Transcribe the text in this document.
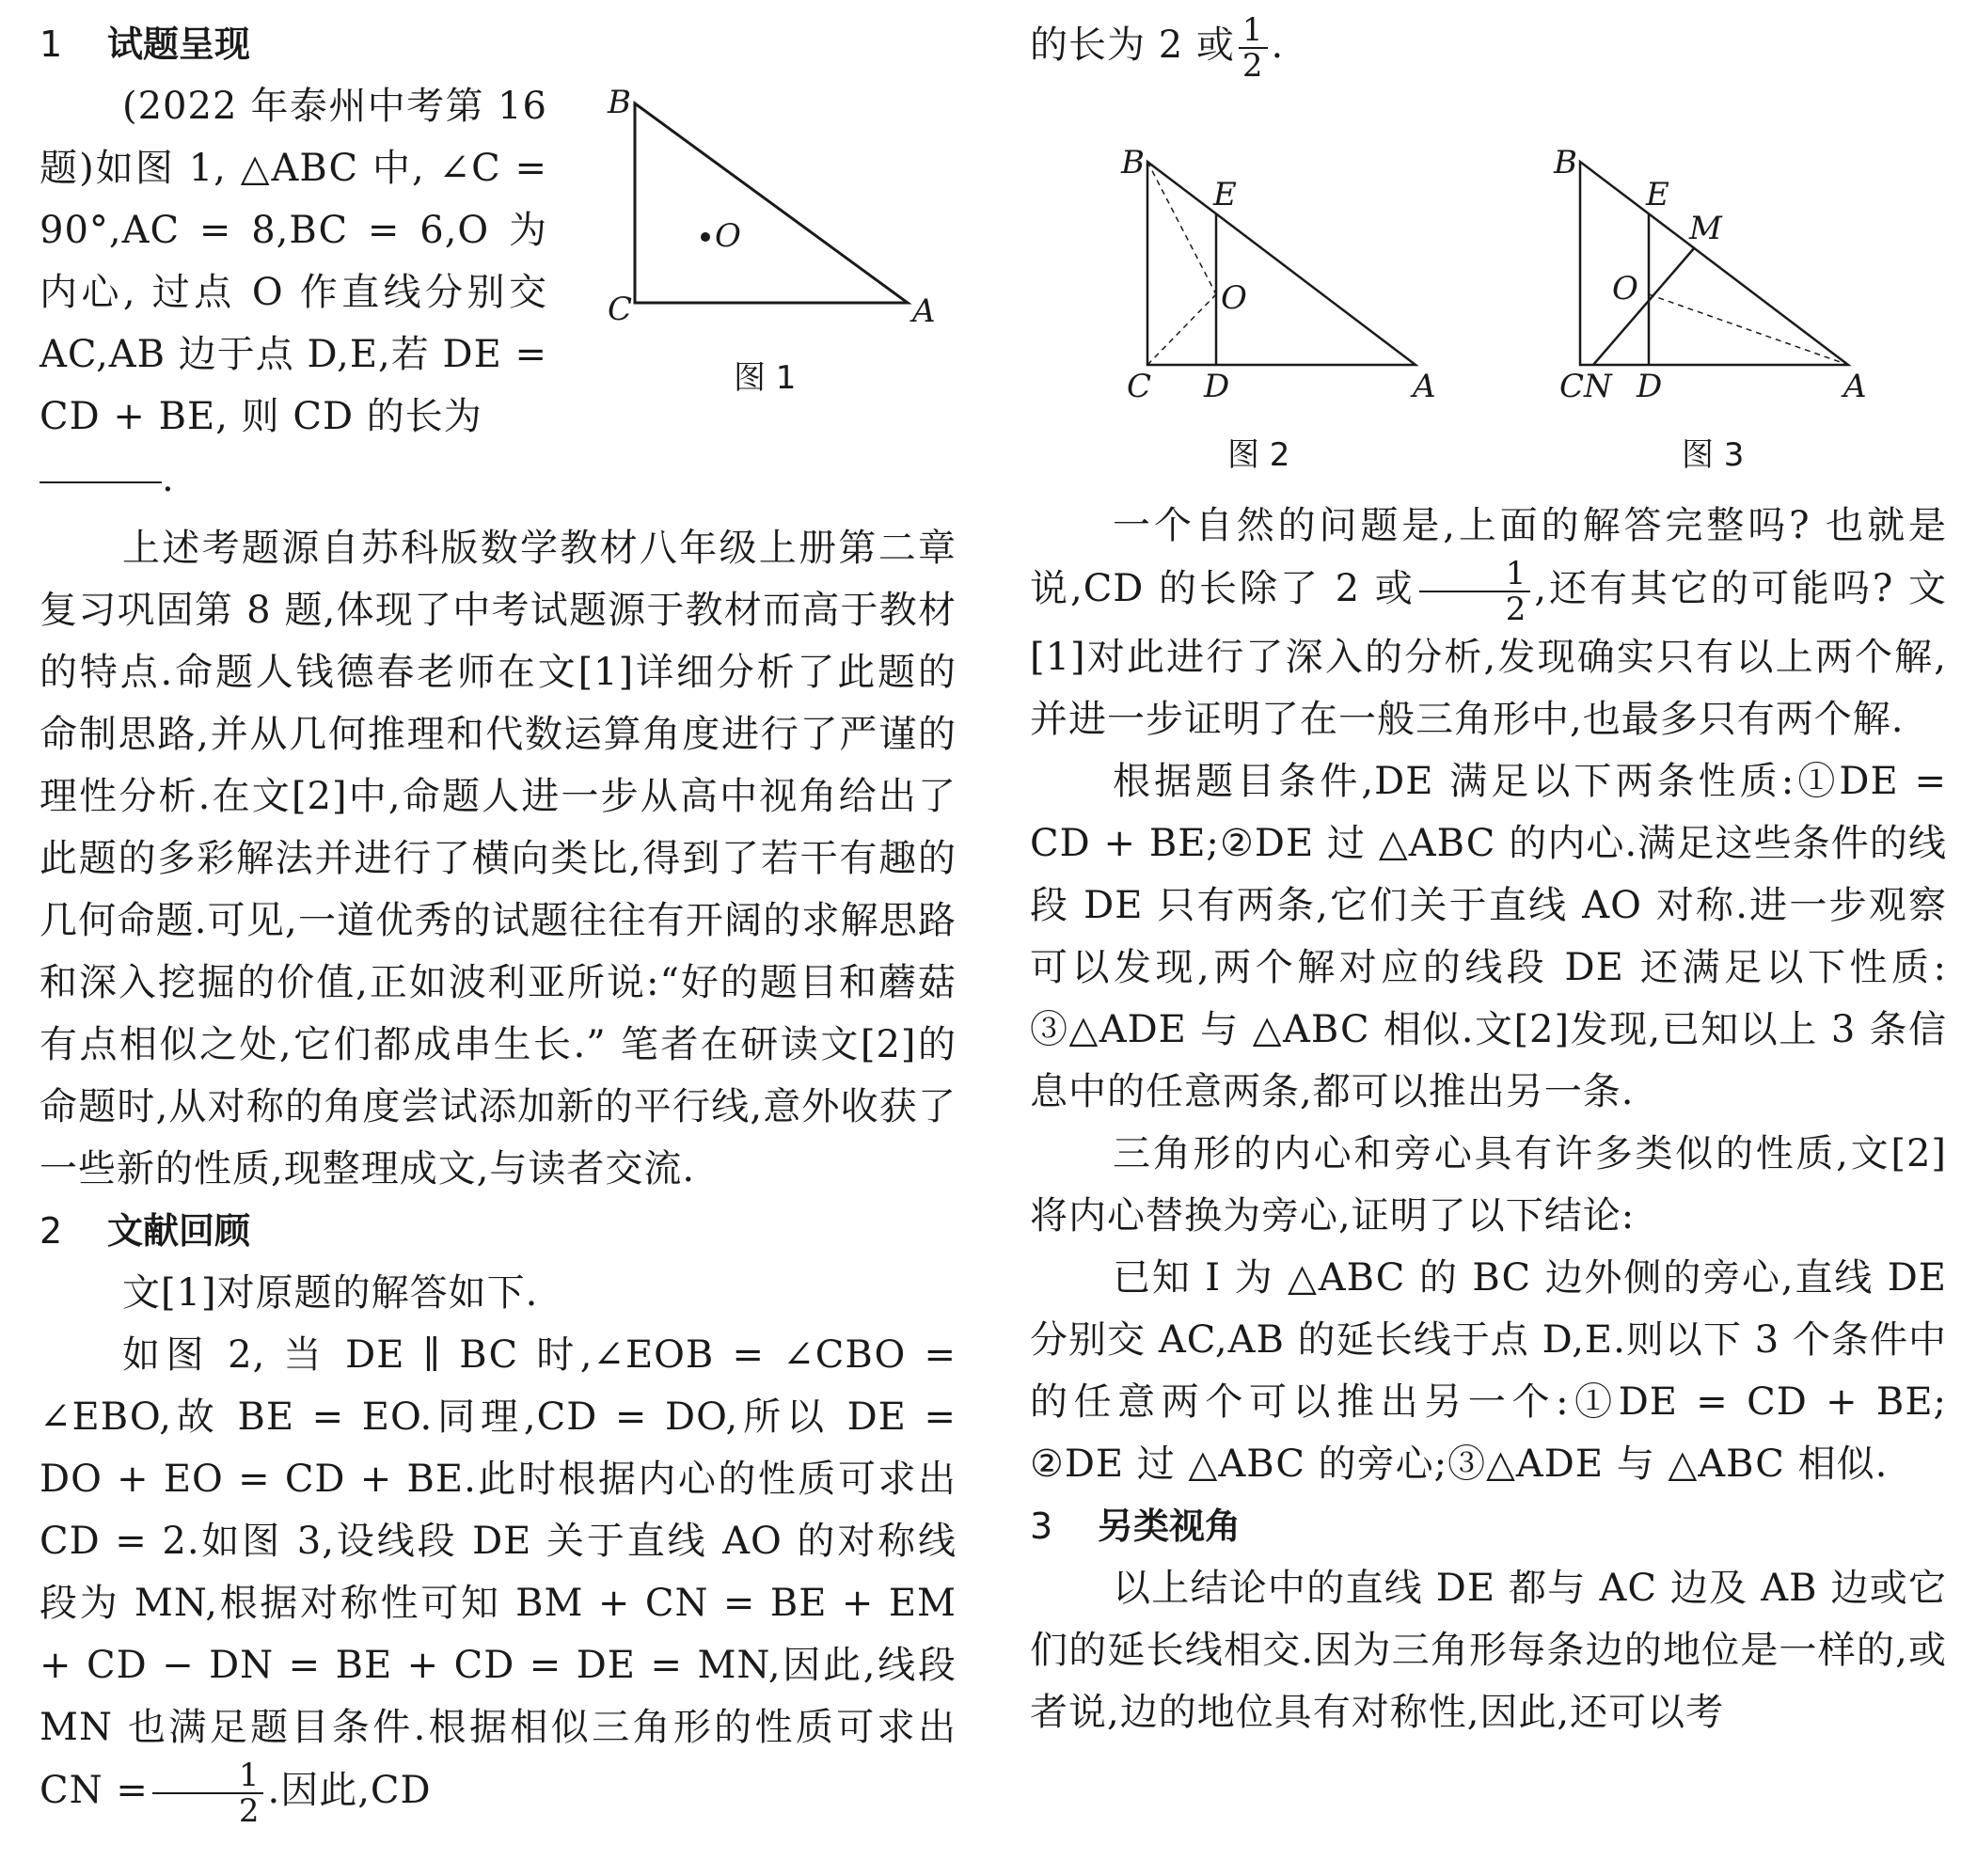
1	试题呈现

(2022 年泰州中考第 16 题)如图 1, △ABC 中, ∠C = 90°,AC = 8,BC = 6,O 为内心, 过点 O 作直线分别交 AC,AB 边于点 D,E,若 DE = CD + BE, 则 CD 的长为

.

上述考题源自苏科版数学教材八年级上册第二章复习巩固第 8 题,体现了中考试题源于教材而高于教材的特点.命题人钱德春老师在文[1]详细分析了此题的命制思路,并从几何推理和代数运算角度进行了严谨的理性分析.在文[2]中,命题人进一步从高中视角给出了此题的多彩解法并进行了横向类比,得到了若干有趣的几何命题.可见,一道优秀的试题往往有开阔的求解思路和深入挖掘的价值,正如波利亚所说:“好的题目和蘑菇有点相似之处,它们都成串生长.” 笔者在研读文[2]的命题时,从对称的角度尝试添加新的平行线,意外收获了一些新的性质,现整理成文,与读者交流.

2	文献回顾

文[1]对原题的解答如下.

如图 2, 当 DE ∥ BC 时,∠EOB = ∠CBO = ∠EBO,故 BE = EO.同理,CD = DO,所以 DE = DO + EO = CD + BE.此时根据内心的性质可求出 CD = 2.如图 3,设线段 DE 关于直线 AO 的对称线段为 MN,根据对称性可知 BM + CN = BE + EM + CD − DN = BE + CD = DE = MN,因此,线段 MN 也满足题目条件.根据相似三角形的性质可求出 CN = $\frac{1}{2}$ .因此,CD

B
C	A
O
图 1

的长为 2 或 $\frac{1}{2}$ .

一个自然的问题是,上面的解答完整吗? 也就是说,CD 的长除了 2 或 $\frac{1}{2}$ ,还有其它的可能吗? 文[1]对此进行了深入的分析,发现确实只有以上两个解,并进一步证明了在一般三角形中,也最多只有两个解.

根据题目条件,DE 满足以下两条性质:①DE = CD + BE;②DE 过 △ABC 的内心.满足这些条件的线段 DE 只有两条,它们关于直线 AO 对称.进一步观察可以发现,两个解对应的线段 DE 还满足以下性质: ③△ADE 与 △ABC 相似.文[2]发现,已知以上 3 条信息中的任意两条,都可以推出另一条.

三角形的内心和旁心具有许多类似的性质,文[2]将内心替换为旁心,证明了以下结论:

已知 I 为 △ABC 的 BC 边外侧的旁心,直线 DE 分别交 AC,AB 的延长线于点 D,E.则以下 3 个条件中的任意两个可以推出另一个:①DE = CD + BE; ②DE 过 △ABC 的旁心;③△ADE 与 △ABC 相似.

3	另类视角

以上结论中的直线 DE 都与 AC 边及 AB 边或它们的延长线相交.因为三角形每条边的地位是一样的,或者说,边的地位具有对称性,因此,还可以考

B
E
O
C D	A
图 2
B
E
M
O
CN D	A
图 3
